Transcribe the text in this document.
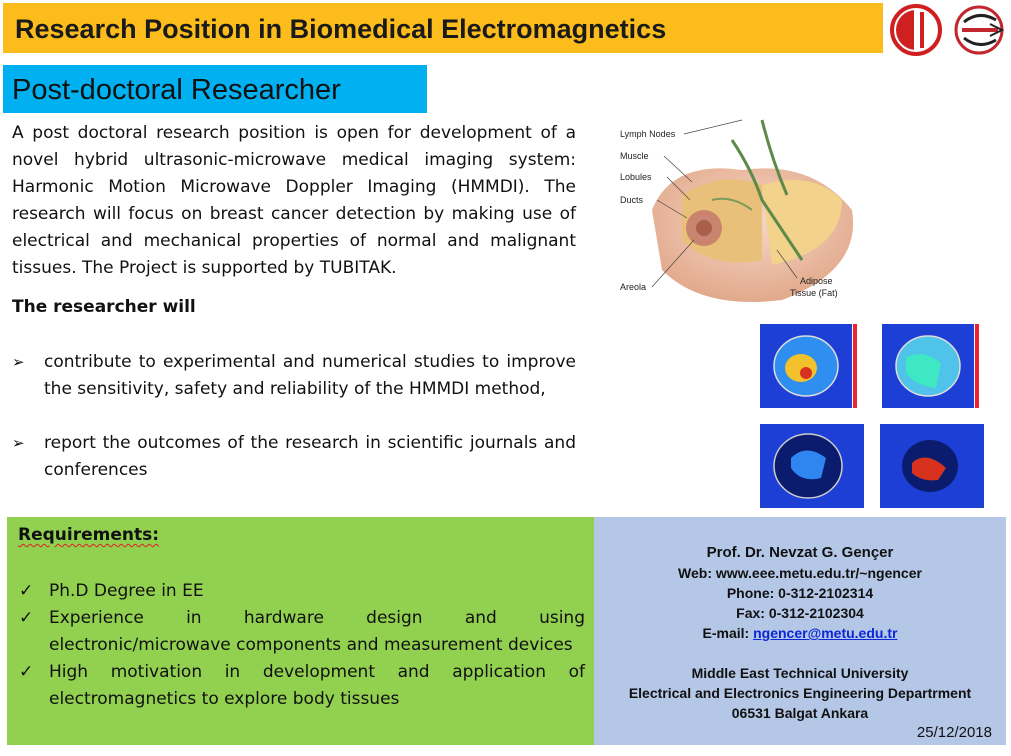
Research Position in Biomedical Electromagnetics
Post-doctoral Researcher
A post doctoral research position is open for development of a novel hybrid ultrasonic-microwave medical imaging system: Harmonic Motion Microwave Doppler Imaging (HMMDI). The research will focus on breast cancer detection by making use of electrical and mechanical properties of normal and malignant tissues. The Project is supported by TUBITAK.
The researcher will
➢ contribute to experimental and numerical studies to improve the sensitivity, safety and reliability of the HMMDI method,
➢ report the outcomes of the research in scientific journals and conferences
Lymph Nodes
Muscle
Lobules
Ducts
Areola
Adipose
Tissue (Fat)
Requirements:
✓ Ph.D Degree in EE
✓ Experience in hardware design and using electronic/microwave components and measurement devices
✓ High motivation in development and application of electromagnetics to explore body tissues
Prof. Dr. Nevzat G. Gençer
Web: www.eee.metu.edu.tr/~ngencer
Phone: 0-312-2102314
Fax: 0-312-2102304
E-mail: ngencer@metu.edu.tr
Middle East Technical University
Electrical and Electronics Engineering Departrment
06531 Balgat Ankara
25/12/2018
